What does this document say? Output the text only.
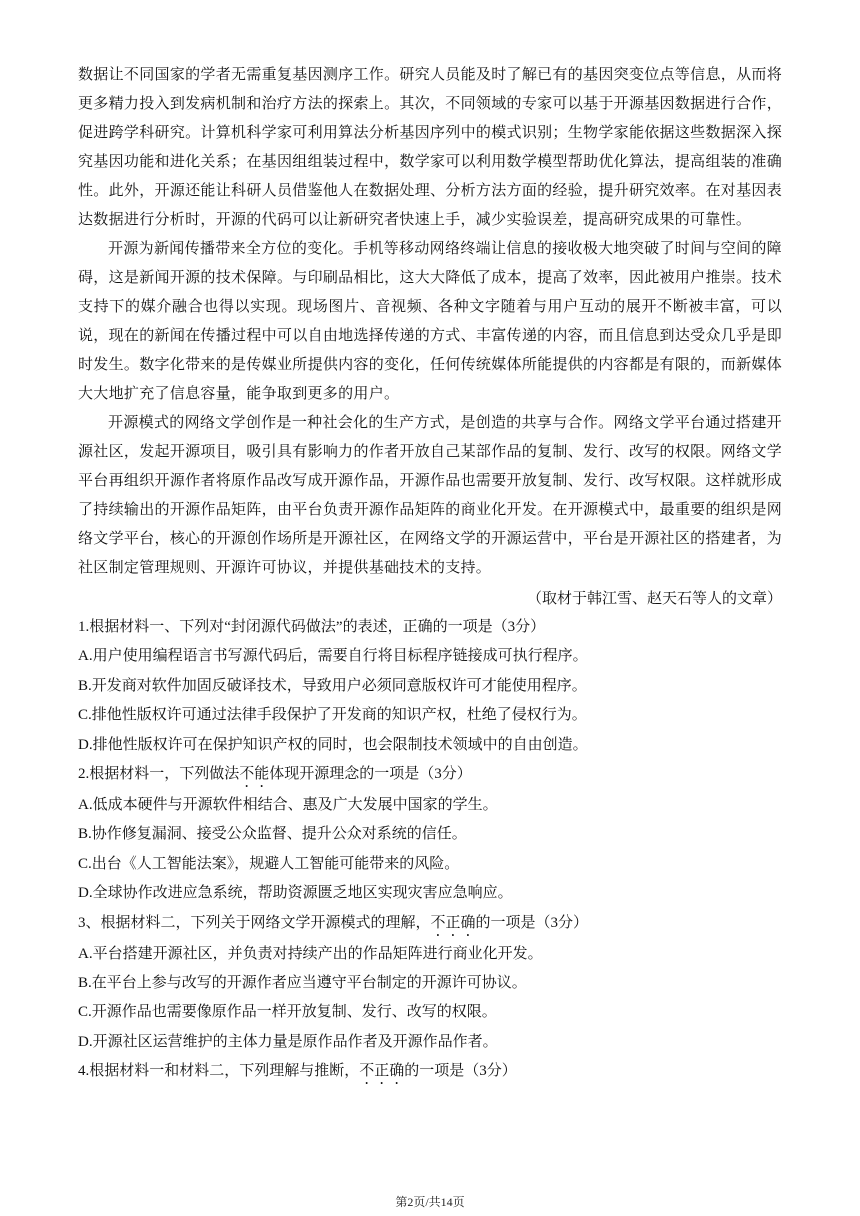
数据让不同国家的学者无需重复基因测序工作。研究人员能及时了解已有的基因突变位点等信息，从而将更多精力投入到发病机制和治疗方法的探索上。其次，不同领域的专家可以基于开源基因数据进行合作，促进跨学科研究。计算机科学家可利用算法分析基因序列中的模式识别；生物学家能依据这些数据深入探究基因功能和进化关系；在基因组组装过程中，数学家可以利用数学模型帮助优化算法，提高组装的准确性。此外，开源还能让科研人员借鉴他人在数据处理、分析方法方面的经验，提升研究效率。在对基因表达数据进行分析时，开源的代码可以让新研究者快速上手，减少实验误差，提高研究成果的可靠性。

开源为新闻传播带来全方位的变化。手机等移动网络终端让信息的接收极大地突破了时间与空间的障碍，这是新闻开源的技术保障。与印刷品相比，这大大降低了成本，提高了效率，因此被用户推崇。技术支持下的媒介融合也得以实现。现场图片、音视频、各种文字随着与用户互动的展开不断被丰富，可以说，现在的新闻在传播过程中可以自由地选择传递的方式、丰富传递的内容，而且信息到达受众几乎是即时发生。数字化带来的是传媒业所提供内容的变化，任何传统媒体所能提供的内容都是有限的，而新媒体大大地扩充了信息容量，能争取到更多的用户。

开源模式的网络文学创作是一种社会化的生产方式，是创造的共享与合作。网络文学平台通过搭建开源社区，发起开源项目，吸引具有影响力的作者开放自己某部作品的复制、发行、改写的权限。网络文学平台再组织开源作者将原作品改写成开源作品，开源作品也需要开放复制、发行、改写权限。这样就形成了持续输出的开源作品矩阵，由平台负责开源作品矩阵的商业化开发。在开源模式中，最重要的组织是网络文学平台，核心的开源创作场所是开源社区，在网络文学的开源运营中，平台是开源社区的搭建者，为社区制定管理规则、开源许可协议，并提供基础技术的支持。

（取材于韩江雪、赵天石等人的文章）

1.根据材料一、下列对“封闭源代码做法”的表述，正确的一项是（3分）

A.用户使用编程语言书写源代码后，需要自行将目标程序链接成可执行程序。

B.开发商对软件加固反破译技术，导致用户必须同意版权许可才能使用程序。

C.排他性版权许可通过法律手段保护了开发商的知识产权，杜绝了侵权行为。

D.排他性版权许可在保护知识产权的同时，也会限制技术领域中的自由创造。

2.根据材料一，下列做法不能体现开源理念的一项是（3分）

A.低成本硬件与开源软件相结合、惠及广大发展中国家的学生。

B.协作修复漏洞、接受公众监督、提升公众对系统的信任。

C.出台《人工智能法案》，规避人工智能可能带来的风险。

D.全球协作改进应急系统，帮助资源匮乏地区实现灾害应急响应。

3、根据材料二，下列关于网络文学开源模式的理解，不正确的一项是（3分）

A.平台搭建开源社区，并负责对持续产出的作品矩阵进行商业化开发。

B.在平台上参与改写的开源作者应当遵守平台制定的开源许可协议。

C.开源作品也需要像原作品一样开放复制、发行、改写的权限。

D.开源社区运营维护的主体力量是原作品作者及开源作品作者。

4.根据材料一和材料二，下列理解与推断，不正确的一项是（3分）

第2页/共14页
